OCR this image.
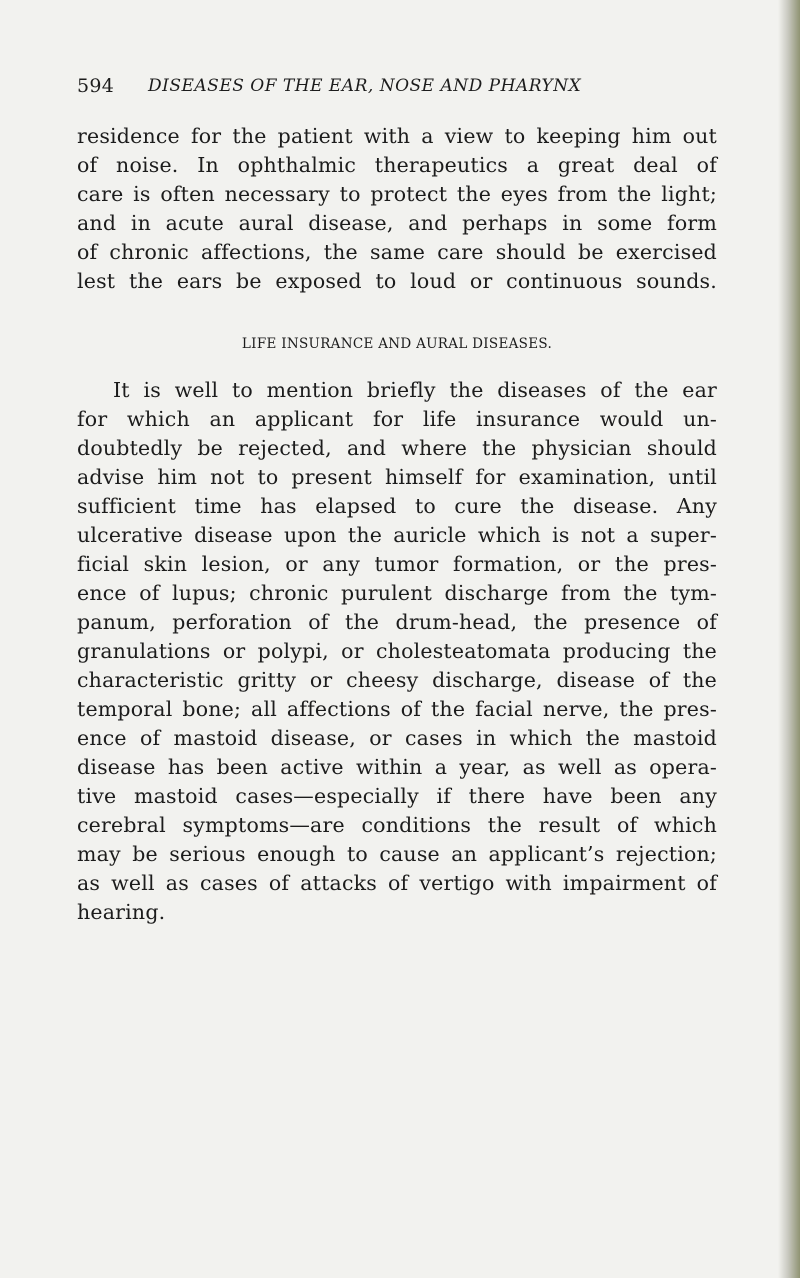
594 DISEASES OF THE EAR, NOSE AND PHARYNX
residence for the patient with a view to keeping him out
of noise. In ophthalmic therapeutics a great deal of
care is often necessary to protect the eyes from the light;
and in acute aural disease, and perhaps in some form
of chronic affections, the same care should be exercised
lest the ears be exposed to loud or continuous sounds.
LIFE INSURANCE AND AURAL DISEASES.
It is well to mention briefly the diseases of the ear
for which an applicant for life insurance would un-
doubtedly be rejected, and where the physician should
advise him not to present himself for examination, until
sufficient time has elapsed to cure the disease. Any
ulcerative disease upon the auricle which is not a super-
ficial skin lesion, or any tumor formation, or the pres-
ence of lupus; chronic purulent discharge from the tym-
panum, perforation of the drum-head, the presence of
granulations or polypi, or cholesteatomata producing the
characteristic gritty or cheesy discharge, disease of the
temporal bone; all affections of the facial nerve, the pres-
ence of mastoid disease, or cases in which the mastoid
disease has been active within a year, as well as opera-
tive mastoid cases—especially if there have been any
cerebral symptoms—are conditions the result of which
may be serious enough to cause an applicant’s rejection;
as well as cases of attacks of vertigo with impairment of
hearing.
